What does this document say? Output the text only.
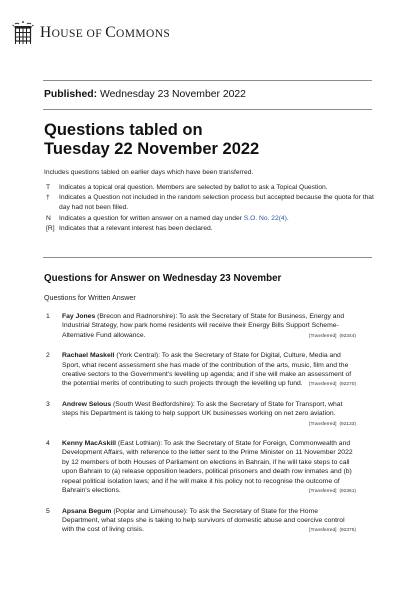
HOUSE OF COMMONS
Published: Wednesday 23 November 2022
Questions tabled on
Tuesday 22 November 2022
Includes questions tabled on earlier days which have been transferred.
T	Indicates a topical oral question. Members are selected by ballot to ask a Topical Question.
†	Indicates a Question not included in the random selection process but accepted because the quota for that day had not been filled.
N	Indicates a question for written answer on a named day under S.O. No. 22(4).
[R] Indicates that a relevant interest has been declared.
Questions for Answer on Wednesday 23 November
Questions for Written Answer
1	Fay Jones (Brecon and Radnorshire): To ask the Secretary of State for Business, Energy and Industrial Strategy, how park home residents will receive their Energy Bills Support Scheme-Alternative Fund allowance.	[Transferred] (92344)
2	Rachael Maskell (York Central): To ask the Secretary of State for Digital, Culture, Media and Sport, what recent assessment she has made of the contribution of the arts, music, film and the creative sectors to the Government's levelling up agenda; and if she will make an assessment of the potential merits of contributing to such projects through the levelling up fund. [Transferred] (92270)
3	Andrew Selous (South West Bedfordshire): To ask the Secretary of State for Transport, what steps his Department is taking to help support UK businesses working on net zero aviation.
[Transferred] (92133)
4	Kenny MacAskill (East Lothian): To ask the Secretary of State for Foreign, Commonwealth and Development Affairs, with reference to the letter sent to the Prime Minister on 11 November 2022 by 12 members of both Houses of Parliament on elections in Bahrain, if he will take steps to call upon Bahrain to (a) release opposition leaders, political prisoners and death row inmates and (b) repeal political isolation laws; and if he will make it his policy not to recognise the outcome of Bahrain's elections.	[Transferred] (92361)
5	Apsana Begum (Poplar and Limehouse): To ask the Secretary of State for the Home Department, what steps she is taking to help survivors of domestic abuse and coercive control with the cost of living crisis.	[Transferred] (92375)
